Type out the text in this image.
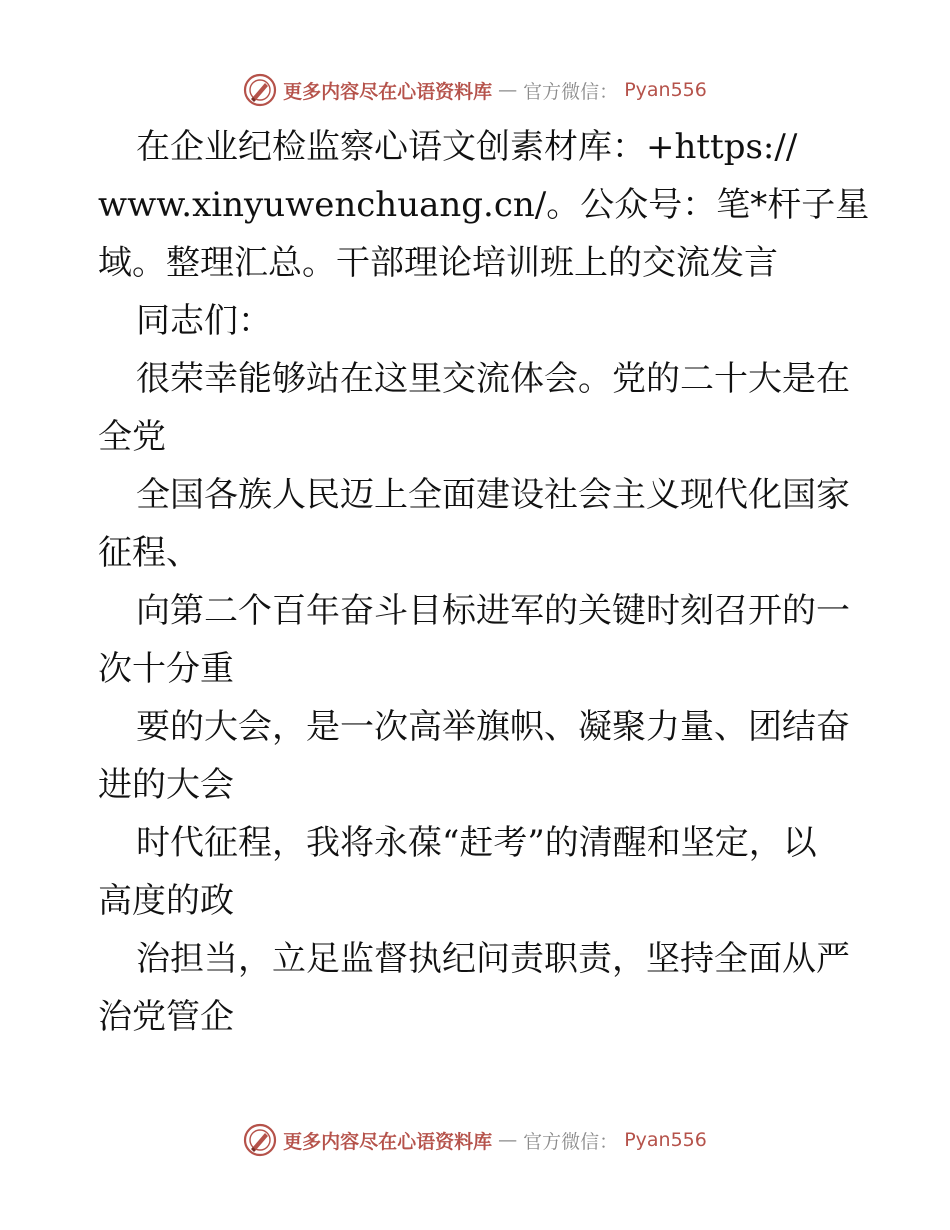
更多内容尽在心语资料库 — 官方微信： Pyan556
在企业纪检监察心语文创素材库：+https://
www.xinyuwenchuang.cn/。公众号：笔*杆子星
域。整理汇总。干部理论培训班上的交流发言
同志们：
很荣幸能够站在这里交流体会。党的二十大是在
全党
全国各族人民迈上全面建设社会主义现代化国家
征程、
向第二个百年奋斗目标进军的关键时刻召开的一
次十分重
要的大会，是一次高举旗帜、凝聚力量、团结奋
进的大会
时代征程，我将永葆“赶考”的清醒和坚定，以
高度的政
治担当，立足监督执纪问责职责，坚持全面从严
治党管企
更多内容尽在心语资料库 — 官方微信： Pyan556
